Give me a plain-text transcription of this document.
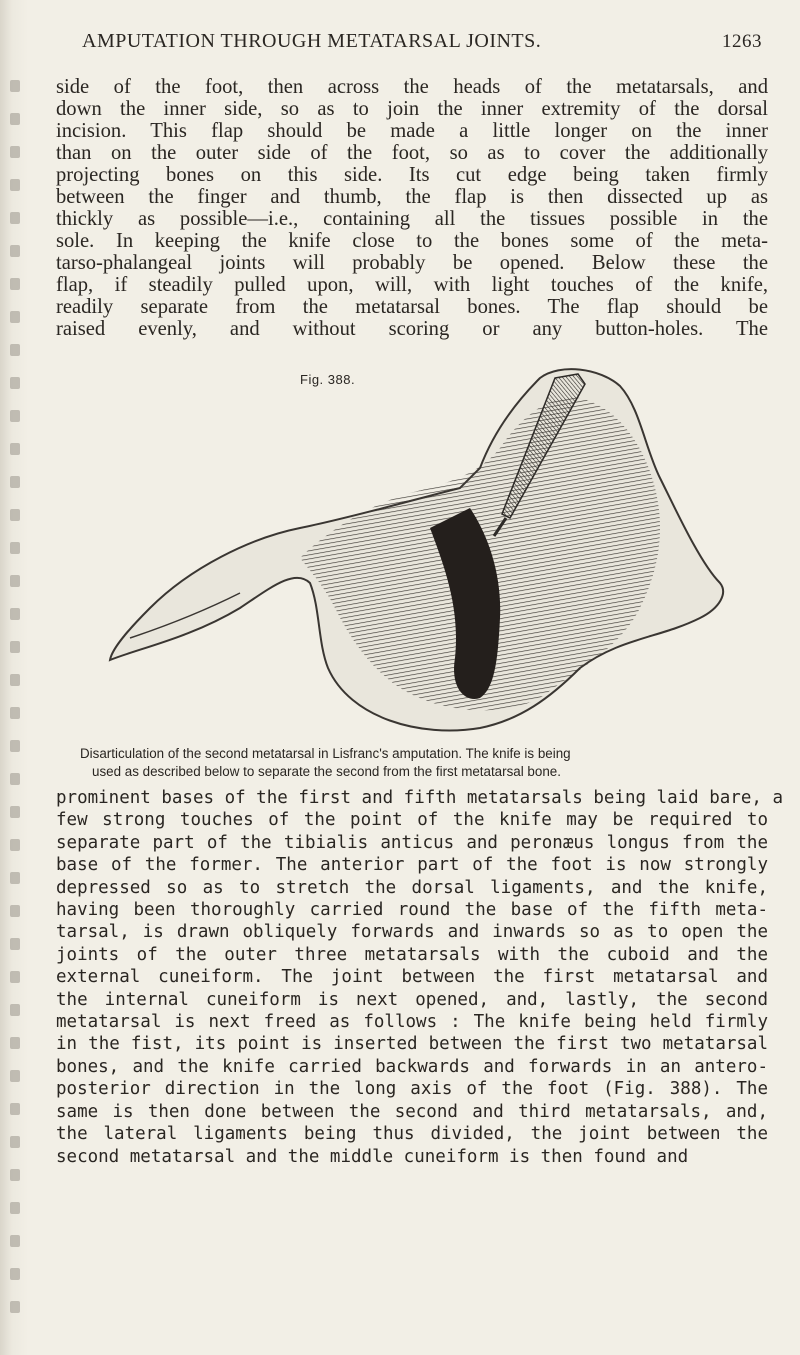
AMPUTATION THROUGH METATARSAL JOINTS.	1263
side of the foot, then across the heads of the metatarsals, and
down the inner side, so as to join the inner extremity of the dorsal
incision. This flap should be made a little longer on the inner
than on the outer side of the foot, so as to cover the additionally
projecting bones on this side. Its cut edge being taken firmly
between the finger and thumb, the flap is then dissected up as
thickly as possible—i.e., containing all the tissues possible in the
sole. In keeping the knife close to the bones some of the meta-
tarso-phalangeal joints will probably be opened. Below these the
flap, if steadily pulled upon, will, with light touches of the knife,
readily separate from the metatarsal bones. The flap should be
raised evenly, and without scoring or any button-holes. The
Fig. 388.
Disarticulation of the second metatarsal in Lisfranc's amputation. The knife is being
used as described below to separate the second from the first metatarsal bone.
prominent bases of the first and fifth metatarsals being laid bare, a
few strong touches of the point of the knife may be required to
separate part of the tibialis anticus and peronæus longus from the
base of the former. The anterior part of the foot is now strongly
depressed so as to stretch the dorsal ligaments, and the knife,
having been thoroughly carried round the base of the fifth meta-
tarsal, is drawn obliquely forwards and inwards so as to open the
joints of the outer three metatarsals with the cuboid and the
external cuneiform. The joint between the first metatarsal and
the internal cuneiform is next opened, and, lastly, the second
metatarsal is next freed as follows : The knife being held firmly
in the fist, its point is inserted between the first two metatarsal
bones, and the knife carried backwards and forwards in an antero-
posterior direction in the long axis of the foot (Fig. 388). The
same is then done between the second and third metatarsals, and,
the lateral ligaments being thus divided, the joint between the
second metatarsal and the middle cuneiform is then found and
